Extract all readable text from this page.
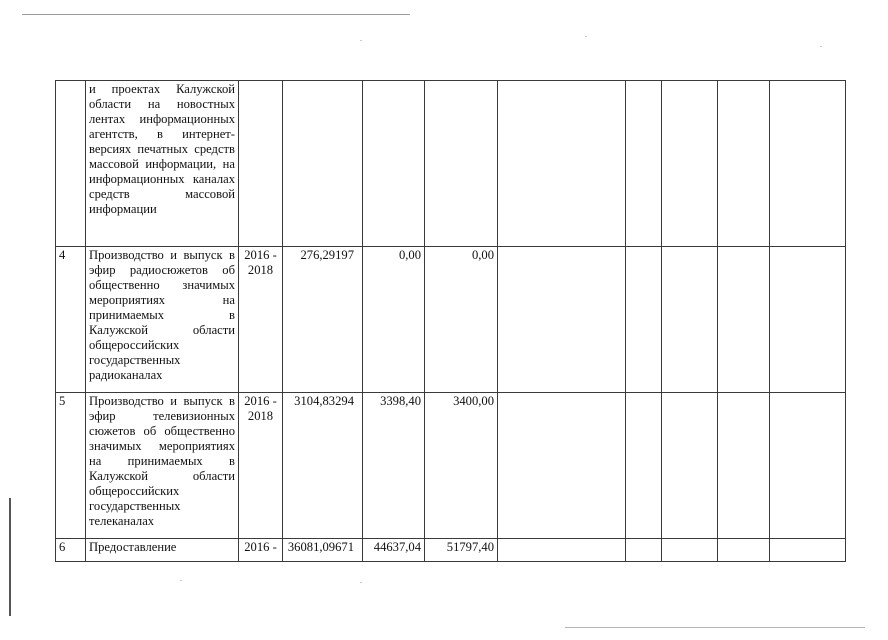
	и проектах Калужской области на новостных лентах информационных агентств, в интернет-версиях печатных средств массовой информации, на информационных каналах средств массовой информации									
4	Производство и выпуск в эфир радиосюжетов об общественно значимых мероприятиях на принимаемых в Калужской области общероссийских государственных радиоканалах	2016 - 2018	276,29197	0,00	0,00					
5	Производство и выпуск в эфир телевизионных сюжетов об общественно значимых мероприятиях на принимаемых в Калужской области общероссийских государственных телеканалах	2016 - 2018	3104,83294	3398,40	3400,00					
6	Предоставление	2016 -	36081,09671	44637,04	51797,40					
